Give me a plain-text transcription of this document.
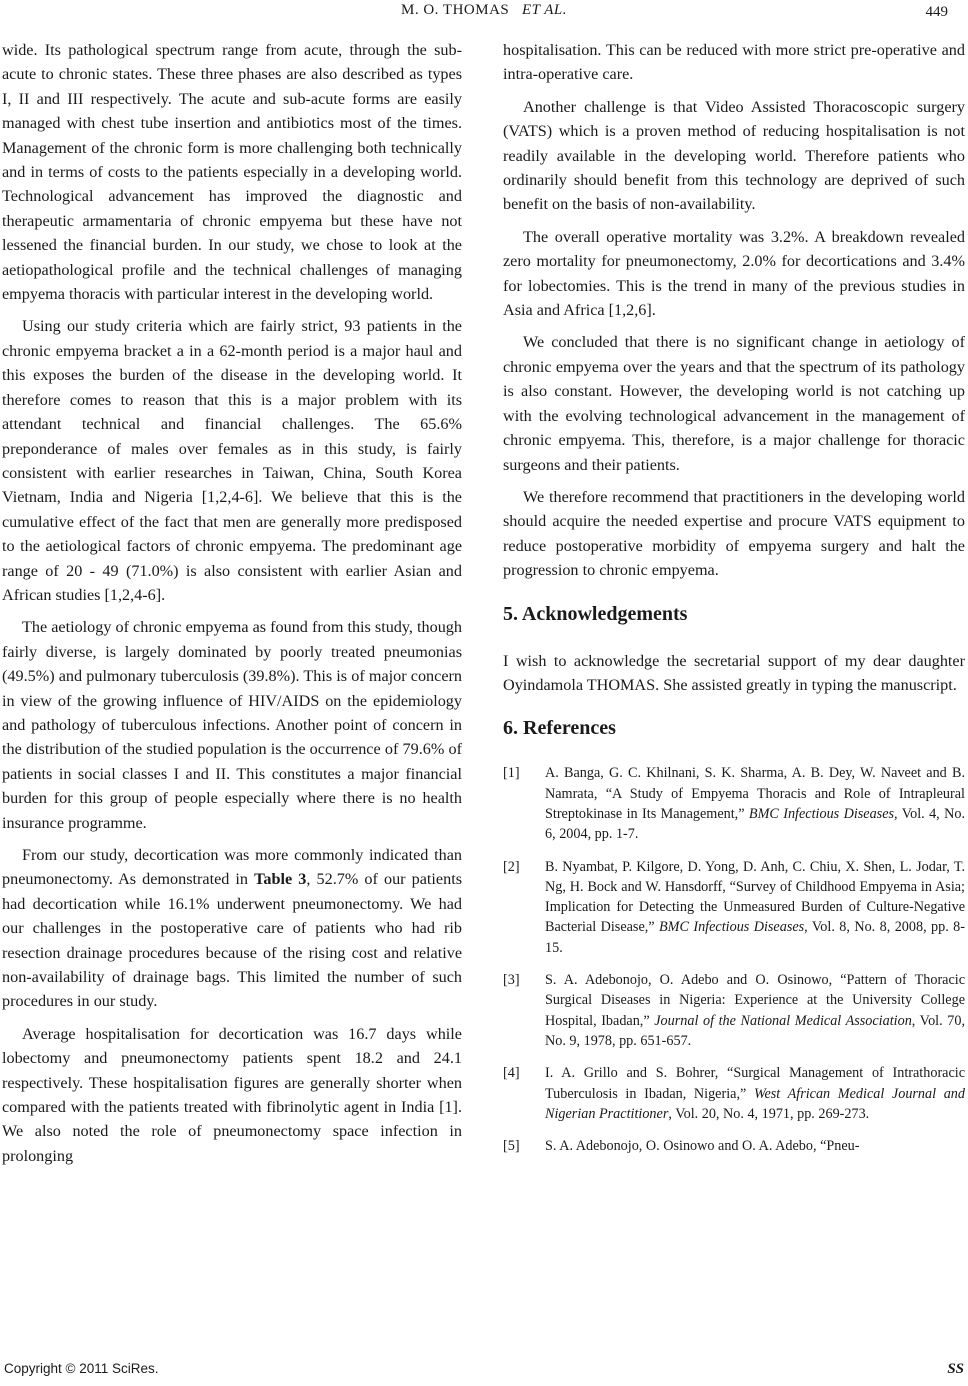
M. O. THOMAS ET AL.	449

wide. Its pathological spectrum range from acute, through the sub-acute to chronic states. These three phases are also described as types I, II and III respectively. The acute and sub-acute forms are easily managed with chest tube insertion and antibiotics most of the times. Management of the chronic form is more challenging both technically and in terms of costs to the patients especially in a developing world. Technological advancement has improved the diagnostic and therapeutic armamentaria of chronic empyema but these have not lessened the financial burden. In our study, we chose to look at the aetiopathological profile and the technical challenges of managing empyema thoracis with particular interest in the developing world.

Using our study criteria which are fairly strict, 93 patients in the chronic empyema bracket a in a 62-month period is a major haul and this exposes the burden of the disease in the developing world. It therefore comes to reason that this is a major problem with its attendant technical and financial challenges. The 65.6% preponderance of males over females as in this study, is fairly consistent with earlier researches in Taiwan, China, South Korea Vietnam, India and Nigeria [1,2,4-6]. We believe that this is the cumulative effect of the fact that men are generally more predisposed to the aetiological factors of chronic empyema. The predominant age range of 20 - 49 (71.0%) is also consistent with earlier Asian and African studies [1,2,4-6].

The aetiology of chronic empyema as found from this study, though fairly diverse, is largely dominated by poorly treated pneumonias (49.5%) and pulmonary tuberculosis (39.8%). This is of major concern in view of the growing influence of HIV/AIDS on the epidemiology and pathology of tuberculous infections. Another point of concern in the distribution of the studied population is the occurrence of 79.6% of patients in social classes I and II. This constitutes a major financial burden for this group of people especially where there is no health insurance programme.

From our study, decortication was more commonly indicated than pneumonectomy. As demonstrated in Table 3, 52.7% of our patients had decortication while 16.1% underwent pneumonectomy. We had our challenges in the postoperative care of patients who had rib resection drainage procedures because of the rising cost and relative non-availability of drainage bags. This limited the number of such procedures in our study.

Average hospitalisation for decortication was 16.7 days while lobectomy and pneumonectomy patients spent 18.2 and 24.1 respectively. These hospitalisation figures are generally shorter when compared with the patients treated with fibrinolytic agent in India [1]. We also noted the role of pneumonectomy space infection in prolonging

hospitalisation. This can be reduced with more strict pre-operative and intra-operative care.

Another challenge is that Video Assisted Thoracoscopic surgery (VATS) which is a proven method of reducing hospitalisation is not readily available in the developing world. Therefore patients who ordinarily should benefit from this technology are deprived of such benefit on the basis of non-availability.

The overall operative mortality was 3.2%. A breakdown revealed zero mortality for pneumonectomy, 2.0% for decortications and 3.4% for lobectomies. This is the trend in many of the previous studies in Asia and Africa [1,2,6].

We concluded that there is no significant change in aetiology of chronic empyema over the years and that the spectrum of its pathology is also constant. However, the developing world is not catching up with the evolving technological advancement in the management of chronic empyema. This, therefore, is a major challenge for thoracic surgeons and their patients.

We therefore recommend that practitioners in the developing world should acquire the needed expertise and procure VATS equipment to reduce postoperative morbidity of empyema surgery and halt the progression to chronic empyema.

5. Acknowledgements

I wish to acknowledge the secretarial support of my dear daughter Oyindamola THOMAS. She assisted greatly in typing the manuscript.

6. References
[1] A. Banga, G. C. Khilnani, S. K. Sharma, A. B. Dey, W. Naveet and B. Namrata, “A Study of Empyema Thoracis and Role of Intrapleural Streptokinase in Its Management,” BMC Infectious Diseases, Vol. 4, No. 6, 2004, pp. 1-7.
[2] B. Nyambat, P. Kilgore, D. Yong, D. Anh, C. Chiu, X. Shen, L. Jodar, T. Ng, H. Bock and W. Hansdorff, “Survey of Childhood Empyema in Asia; Implication for Detecting the Unmeasured Burden of Culture-Negative Bacterial Disease,” BMC Infectious Diseases, Vol. 8, No. 8, 2008, pp. 8-15.
[3] S. A. Adebonojo, O. Adebo and O. Osinowo, “Pattern of Thoracic Surgical Diseases in Nigeria: Experience at the University College Hospital, Ibadan,” Journal of the National Medical Association, Vol. 70, No. 9, 1978, pp. 651-657.
[4] I. A. Grillo and S. Bohrer, “Surgical Management of Intrathoracic Tuberculosis in Ibadan, Nigeria,” West African Medical Journal and Nigerian Practitioner, Vol. 20, No. 4, 1971, pp. 269-273.
[5] S. A. Adebonojo, O. Osinowo and O. A. Adebo, “Pneu-
Copyright © 2011 SciRes.	SS
